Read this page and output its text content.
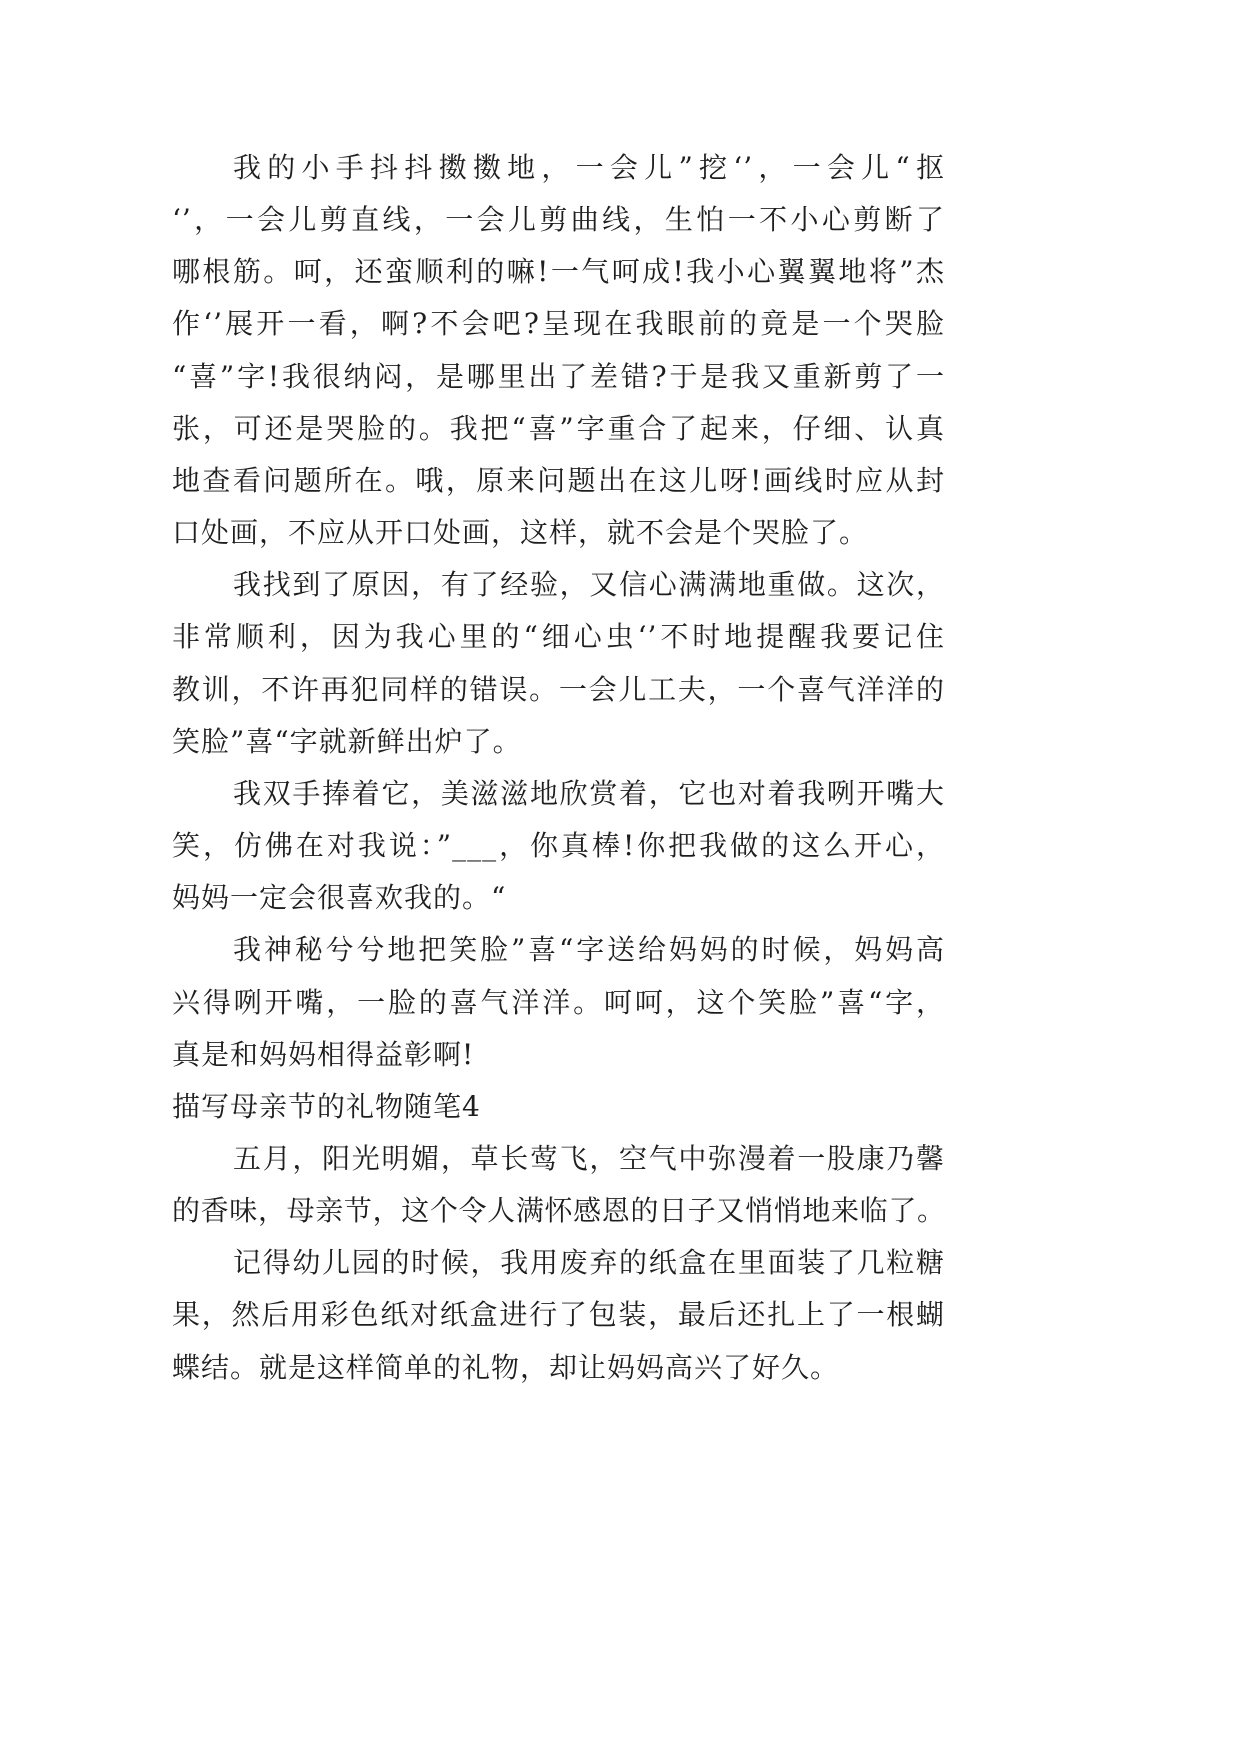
我的小手抖抖擞擞地，一会儿”挖‘’，一会儿“抠
‘’，一会儿剪直线，一会儿剪曲线，生怕一不小心剪断了
哪根筋。呵，还蛮顺利的嘛!一气呵成!我小心翼翼地将”杰
作‘’展开一看，啊?不会吧?呈现在我眼前的竟是一个哭脸
“喜”字!我很纳闷，是哪里出了差错?于是我又重新剪了一
张，可还是哭脸的。我把“喜”字重合了起来，仔细、认真
地查看问题所在。哦，原来问题出在这儿呀!画线时应从封
口处画，不应从开口处画，这样，就不会是个哭脸了。
我找到了原因，有了经验，又信心满满地重做。这次，
非常顺利，因为我心里的“细心虫‘’不时地提醒我要记住
教训，不许再犯同样的错误。一会儿工夫，一个喜气洋洋的
笑脸”喜“字就新鲜出炉了。
我双手捧着它，美滋滋地欣赏着，它也对着我咧开嘴大
笑，仿佛在对我说：”___，你真棒!你把我做的这么开心，
妈妈一定会很喜欢我的。“
我神秘兮兮地把笑脸”喜“字送给妈妈的时候，妈妈高
兴得咧开嘴，一脸的喜气洋洋。呵呵，这个笑脸”喜“字，
真是和妈妈相得益彰啊!
描写母亲节的礼物随笔4
五月，阳光明媚，草长莺飞，空气中弥漫着一股康乃馨
的香味，母亲节，这个令人满怀感恩的日子又悄悄地来临了。
记得幼儿园的时候，我用废弃的纸盒在里面装了几粒糖
果，然后用彩色纸对纸盒进行了包装，最后还扎上了一根蝴
蝶结。就是这样简单的礼物，却让妈妈高兴了好久。
